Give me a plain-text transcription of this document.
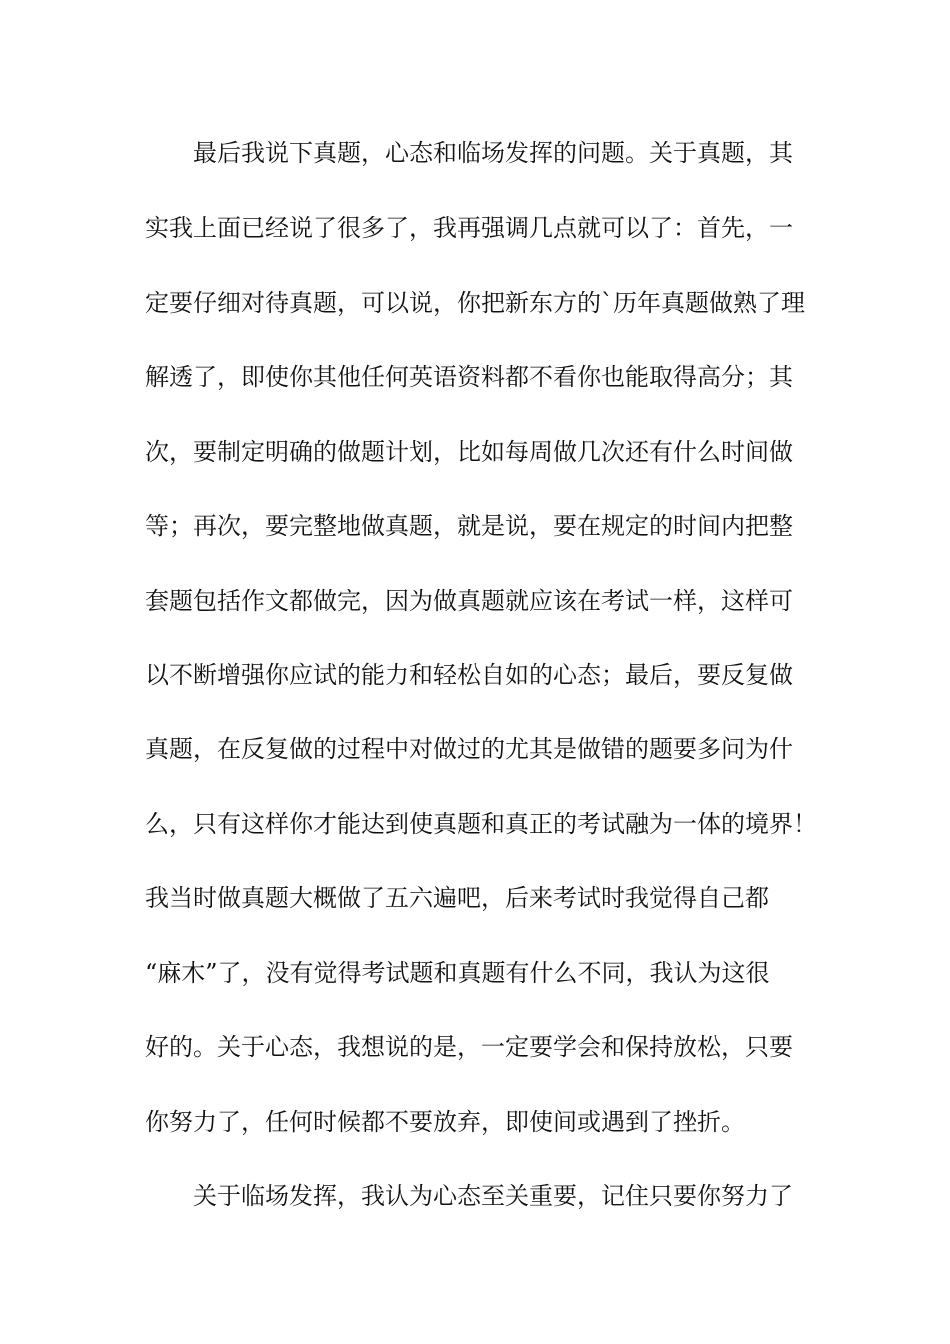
最后我说下真题，心态和临场发挥的问题。关于真题，其
实我上面已经说了很多了，我再强调几点就可以了：首先，一
定要仔细对待真题，可以说，你把新东方的`历年真题做熟了理
解透了，即使你其他任何英语资料都不看你也能取得高分；其
次，要制定明确的做题计划，比如每周做几次还有什么时间做
等；再次，要完整地做真题，就是说，要在规定的时间内把整
套题包括作文都做完，因为做真题就应该在考试一样，这样可
以不断增强你应试的能力和轻松自如的心态；最后，要反复做
真题，在反复做的过程中对做过的尤其是做错的题要多问为什
么，只有这样你才能达到使真题和真正的考试融为一体的境界！
我当时做真题大概做了五六遍吧，后来考试时我觉得自己都
“麻木”了，没有觉得考试题和真题有什么不同，我认为这很
好的。关于心态，我想说的是，一定要学会和保持放松，只要
你努力了，任何时候都不要放弃，即使间或遇到了挫折。
关于临场发挥，我认为心态至关重要，记住只要你努力了
